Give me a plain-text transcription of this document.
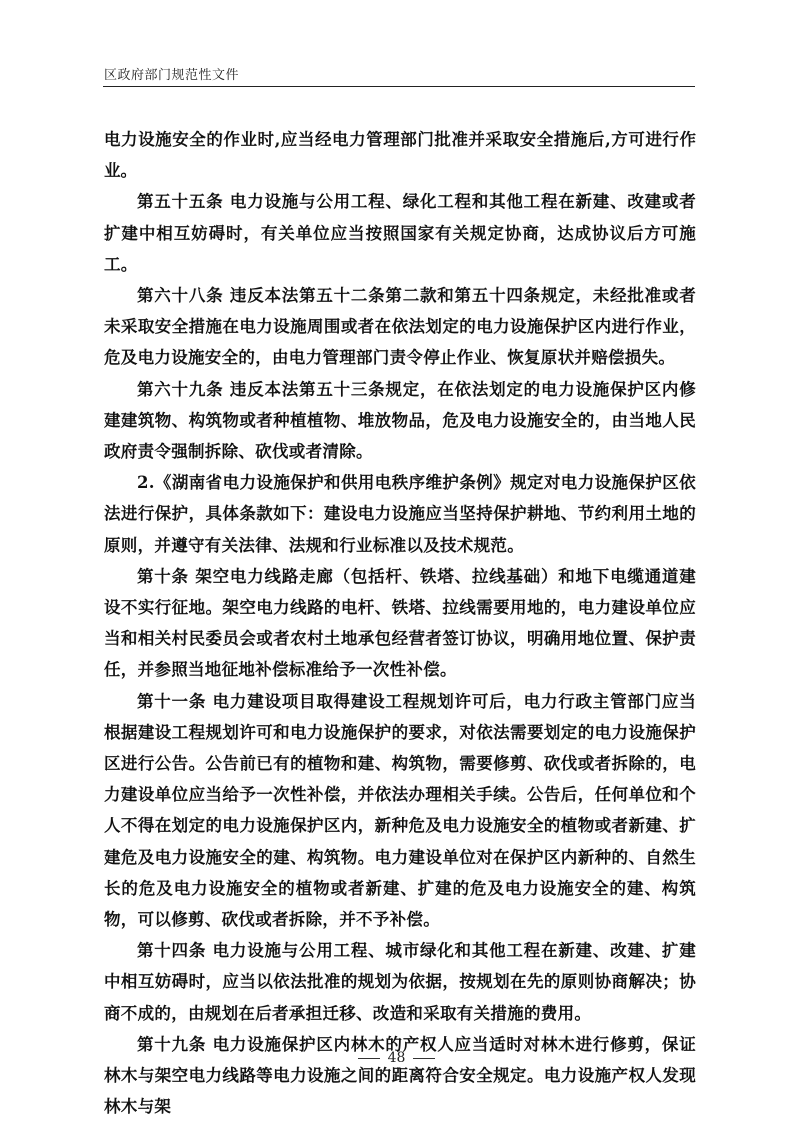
区政府部门规范性文件

电力设施安全的作业时,应当经电力管理部门批准并采取安全措施后,方可进行作业。

第五十五条 电力设施与公用工程、绿化工程和其他工程在新建、改建或者扩建中相互妨碍时，有关单位应当按照国家有关规定协商，达成协议后方可施工。

第六十八条 违反本法第五十二条第二款和第五十四条规定，未经批准或者未采取安全措施在电力设施周围或者在依法划定的电力设施保护区内进行作业，危及电力设施安全的，由电力管理部门责令停止作业、恢复原状并赔偿损失。

第六十九条 违反本法第五十三条规定，在依法划定的电力设施保护区内修建建筑物、构筑物或者种植植物、堆放物品，危及电力设施安全的，由当地人民政府责令强制拆除、砍伐或者清除。

2.《湖南省电力设施保护和供用电秩序维护条例》规定对电力设施保护区依法进行保护，具体条款如下：建设电力设施应当坚持保护耕地、节约利用土地的原则，并遵守有关法律、法规和行业标准以及技术规范。

第十条 架空电力线路走廊（包括杆、铁塔、拉线基础）和地下电缆通道建设不实行征地。架空电力线路的电杆、铁塔、拉线需要用地的，电力建设单位应当和相关村民委员会或者农村土地承包经营者签订协议，明确用地位置、保护责任，并参照当地征地补偿标准给予一次性补偿。

第十一条 电力建设项目取得建设工程规划许可后，电力行政主管部门应当根据建设工程规划许可和电力设施保护的要求，对依法需要划定的电力设施保护区进行公告。公告前已有的植物和建、构筑物，需要修剪、砍伐或者拆除的，电力建设单位应当给予一次性补偿，并依法办理相关手续。公告后，任何单位和个人不得在划定的电力设施保护区内，新种危及电力设施安全的植物或者新建、扩建危及电力设施安全的建、构筑物。电力建设单位对在保护区内新种的、自然生长的危及电力设施安全的植物或者新建、扩建的危及电力设施安全的建、构筑物，可以修剪、砍伐或者拆除，并不予补偿。

第十四条 电力设施与公用工程、城市绿化和其他工程在新建、改建、扩建中相互妨碍时，应当以依法批准的规划为依据，按规划在先的原则协商解决；协商不成的，由规划在后者承担迁移、改造和采取有关措施的费用。

第十九条 电力设施保护区内林木的产权人应当适时对林木进行修剪，保证林木与架空电力线路等电力设施之间的距离符合安全规定。电力设施产权人发现林木与架

48
